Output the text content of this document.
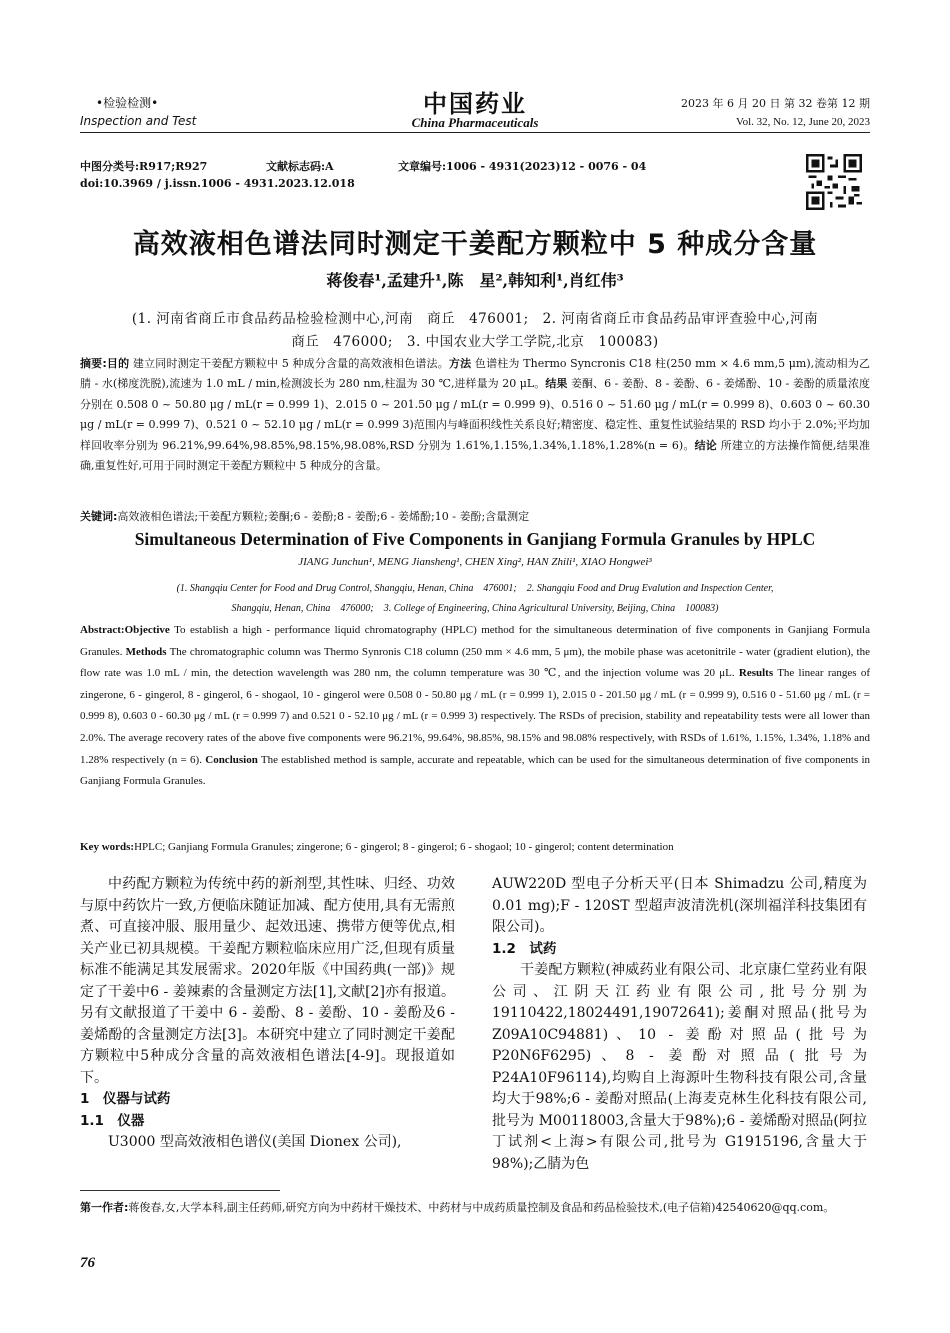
•检验检测•
Inspection and Test
中国药业
China Pharmaceuticals
2023 年 6 月 20 日 第 32 卷第 12 期
Vol. 32, No. 12, June 20, 2023
中图分类号:R917;R927	文献标志码:A	文章编号:1006 - 4931(2023)12 - 0076 - 04
doi:10.3969 / j.issn.1006 - 4931.2023.12.018
高效液相色谱法同时测定干姜配方颗粒中 5 种成分含量
蒋俊春¹,孟建升¹,陈　星²,韩知利¹,肖红伟³
(1. 河南省商丘市食品药品检验检测中心,河南　商丘　476001;　2. 河南省商丘市食品药品审评查验中心,河南
商丘　476000;　3. 中国农业大学工学院,北京　100083)
摘要:目的 建立同时测定干姜配方颗粒中 5 种成分含量的高效液相色谱法。方法 色谱柱为 Thermo Syncronis C18 柱(250 mm × 4.6 mm,5 μm),流动相为乙腈 - 水(梯度洗脱),流速为 1.0 mL / min,检测波长为 280 nm,柱温为 30 ℃,进样量为 20 μL。结果 姜酮、6 - 姜酚、8 - 姜酚、6 - 姜烯酚、10 - 姜酚的质量浓度分别在 0.508 0 ~ 50.80 μg / mL(r = 0.999 1)、2.015 0 ~ 201.50 μg / mL(r = 0.999 9)、0.516 0 ~ 51.60 μg / mL(r = 0.999 8)、0.603 0 ~ 60.30 μg / mL(r = 0.999 7)、0.521 0 ~ 52.10 μg / mL(r = 0.999 3)范围内与峰面积线性关系良好;精密度、稳定性、重复性试验结果的 RSD 均小于 2.0%;平均加样回收率分别为 96.21%,99.64%,98.85%,98.15%,98.08%,RSD 分别为 1.61%,1.15%,1.34%,1.18%,1.28%(n = 6)。结论 所建立的方法操作简便,结果准确,重复性好,可用于同时测定干姜配方颗粒中 5 种成分的含量。
关键词:高效液相色谱法;干姜配方颗粒;姜酮;6 - 姜酚;8 - 姜酚;6 - 姜烯酚;10 - 姜酚;含量测定
Simultaneous Determination of Five Components in Ganjiang Formula Granules by HPLC
JIANG Junchun¹, MENG Jiansheng¹, CHEN Xing², HAN Zhili¹, XIAO Hongwei³
(1. Shangqiu Center for Food and Drug Control, Shangqiu, Henan, China　476001;　2. Shangqiu Food and Drug Evalution and Inspection Center,
Shangqiu, Henan, China　476000;　3. College of Engineering, China Agricultural University, Beijing, China　100083)
Abstract:Objective To establish a high - performance liquid chromatography (HPLC) method for the simultaneous determination of five components in Ganjiang Formula Granules. Methods The chromatographic column was Thermo Synronis C18 column (250 mm × 4.6 mm, 5 μm), the mobile phase was acetonitrile - water (gradient elution), the flow rate was 1.0 mL / min, the detection wavelength was 280 nm, the column temperature was 30 ℃, and the injection volume was 20 μL. Results The linear ranges of zingerone, 6 - gingerol, 8 - gingerol, 6 - shogaol, 10 - gingerol were 0.508 0 - 50.80 μg / mL (r = 0.999 1), 2.015 0 - 201.50 μg / mL (r = 0.999 9), 0.516 0 - 51.60 μg / mL (r = 0.999 8), 0.603 0 - 60.30 μg / mL (r = 0.999 7) and 0.521 0 - 52.10 μg / mL (r = 0.999 3) respectively. The RSDs of precision, stability and repeatability tests were all lower than 2.0%. The average recovery rates of the above five components were 96.21%, 99.64%, 98.85%, 98.15% and 98.08% respectively, with RSDs of 1.61%, 1.15%, 1.34%, 1.18% and 1.28% respectively (n = 6). Conclusion The established method is sample, accurate and repeatable, which can be used for the simultaneous determination of five components in Ganjiang Formula Granules.
Key words:HPLC; Ganjiang Formula Granules; zingerone; 6 - gingerol; 8 - gingerol; 6 - shogaol; 10 - gingerol; content determination

中药配方颗粒为传统中药的新剂型,其性味、归经、功效与原中药饮片一致,方便临床随证加减、配方使用,具有无需煎煮、可直接冲服、服用量少、起效迅速、携带方便等优点,相关产业已初具规模。干姜配方颗粒临床应用广泛,但现有质量标准不能满足其发展需求。2020年版《中国药典(一部)》规定了干姜中6 - 姜辣素的含量测定方法[1],文献[2]亦有报道。另有文献报道了干姜中 6 - 姜酚、8 - 姜酚、10 - 姜酚及6 - 姜烯酚的含量测定方法[3]。本研究中建立了同时测定干姜配方颗粒中5种成分含量的高效液相色谱法[4-9]。现报道如下。

1　仪器与试药

1.1　仪器

U3000 型高效液相色谱仪(美国 Dionex 公司),

AUW220D 型电子分析天平(日本 Shimadzu 公司,精度为 0.01 mg);F - 120ST 型超声波清洗机(深圳福洋科技集团有限公司)。

1.2　试药

干姜配方颗粒(神威药业有限公司、北京康仁堂药业有限公司、江阴天江药业有限公司,批号分别为 19110422,18024491,19072641);姜酮对照品(批号为 Z09A10C94881)、10 - 姜酚对照品(批号为P20N6F6295)、8 - 姜酚对照品(批号为 P24A10F96114),均购自上海源叶生物科技有限公司,含量均大于98%;6 - 姜酚对照品(上海麦克林生化科技有限公司,批号为 M00118003,含量大于98%);6 - 姜烯酚对照品(阿拉丁试剂<上海>有限公司,批号为 G1915196,含量大于98%);乙腈为色

第一作者:蒋俊春,女,大学本科,副主任药师,研究方向为中药材干燥技术、中药材与中成药质量控制及食品和药品检验技术,(电子信箱)42540620@qq.com。
76
